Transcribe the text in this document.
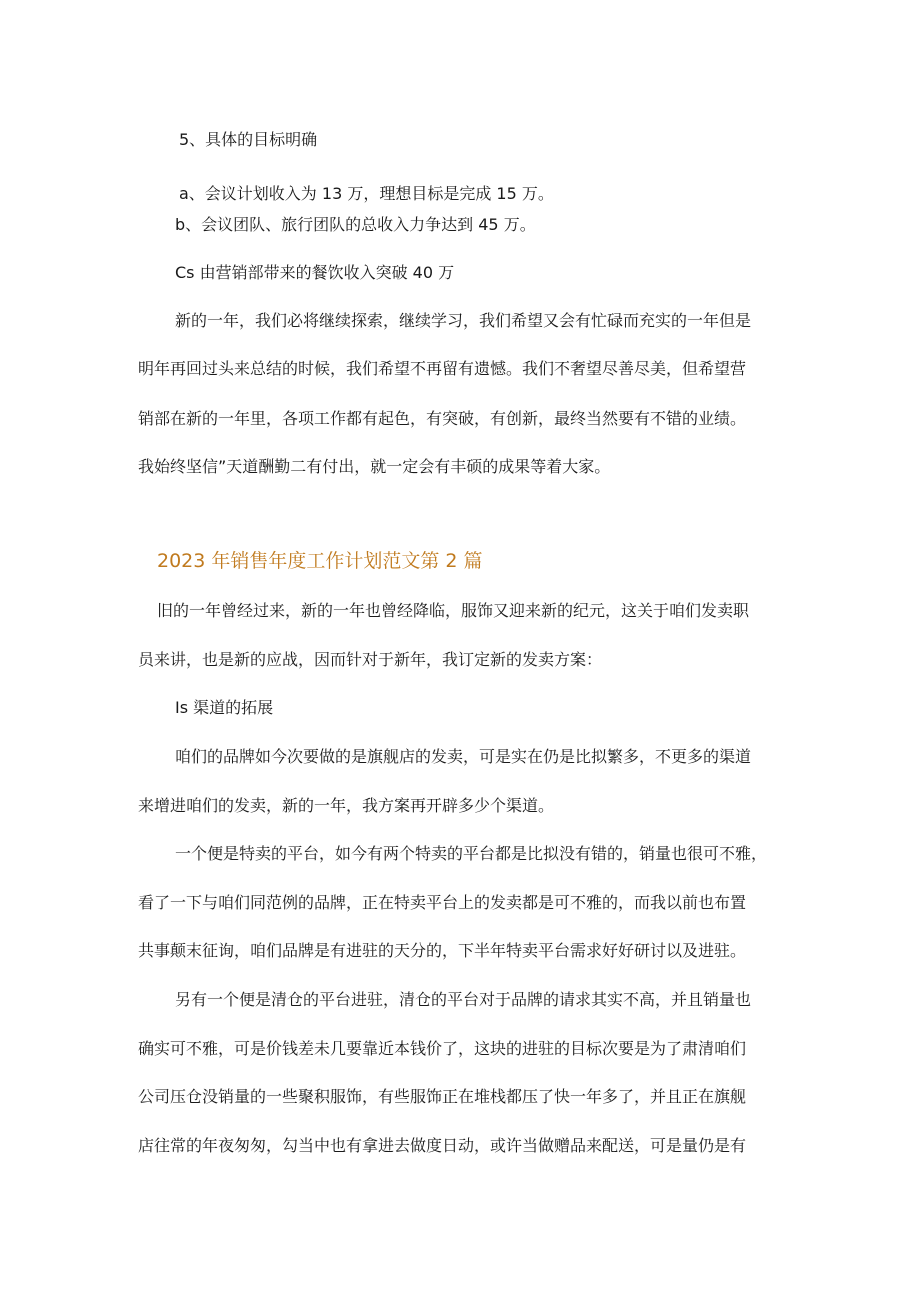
5、具体的目标明确

a、会议计划收入为 13 万，理想目标是完成 15 万。

b、会议团队、旅行团队的总收入力争达到 45 万。

Cs 由营销部带来的餐饮收入突破 40 万

新的一年，我们必将继续探索，继续学习，我们希望又会有忙碌而充实的一年但是

明年再回过头来总结的时候，我们希望不再留有遗憾。我们不奢望尽善尽美，但希望营

销部在新的一年里，各项工作都有起色，有突破，有创新，最终当然要有不错的业绩。

我始终坚信”天道酬勤二有付出，就一定会有丰硕的成果等着大家。

2023 年销售年度工作计划范文第 2 篇

旧的一年曾经过来，新的一年也曾经降临，服饰又迎来新的纪元，这关于咱们发卖职

员来讲，也是新的应战，因而针对于新年，我订定新的发卖方案：

Is 渠道的拓展

咱们的品牌如今次要做的是旗舰店的发卖，可是实在仍是比拟繁多，不更多的渠道

来增进咱们的发卖，新的一年，我方案再开辟多少个渠道。

一个便是特卖的平台，如今有两个特卖的平台都是比拟没有错的，销量也很可不雅，

看了一下与咱们同范例的品牌，正在特卖平台上的发卖都是可不雅的，而我以前也布置

共事颠末征询，咱们品牌是有进驻的天分的，下半年特卖平台需求好好研讨以及进驻。

另有一个便是清仓的平台进驻，清仓的平台对于品牌的请求其实不高，并且销量也

确实可不雅，可是价钱差未几要靠近本钱价了，这块的进驻的目标次要是为了肃清咱们

公司压仓没销量的一些聚积服饰，有些服饰正在堆栈都压了快一年多了，并且正在旗舰

店往常的年夜匆匆，勾当中也有拿进去做度日动，或许当做赠品来配送，可是量仍是有
